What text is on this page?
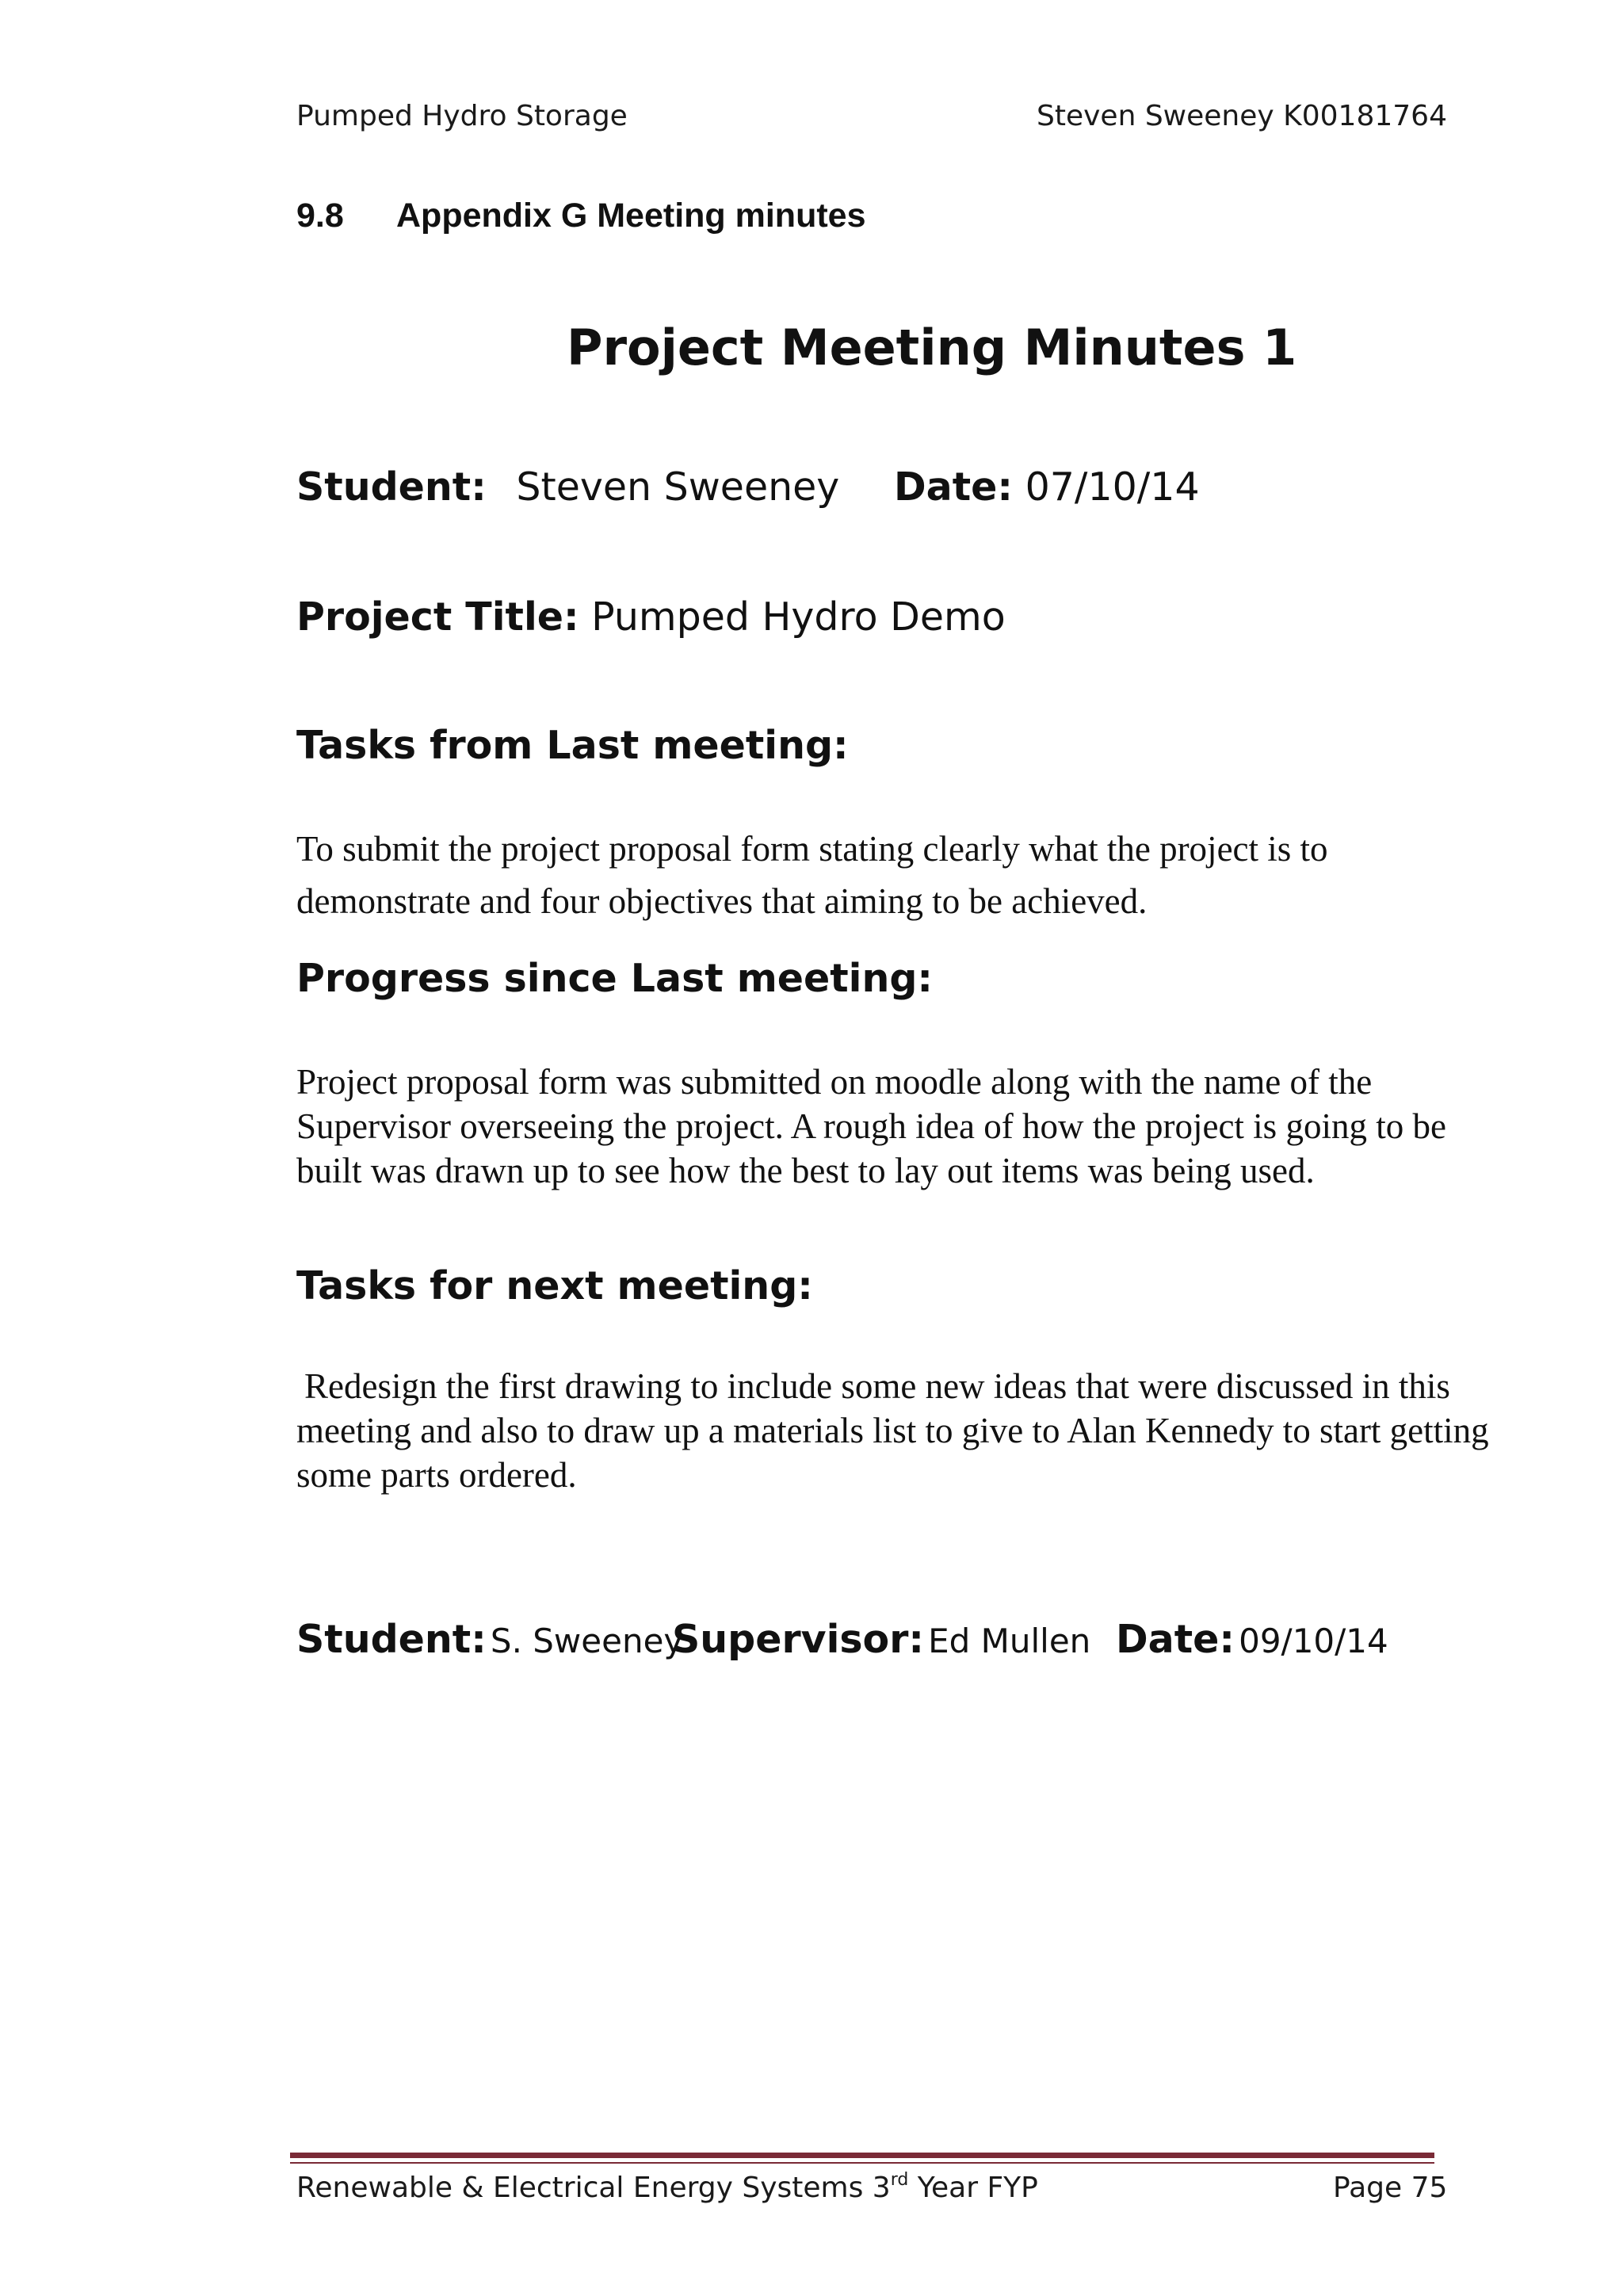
Pumped Hydro Storage	Steven Sweeney K00181764
9.8 Appendix G Meeting minutes
Project Meeting Minutes 1
Student: Steven Sweeney Date: 07/10/14
Project Title: Pumped Hydro Demo
Tasks from Last meeting:
To submit the project proposal form stating clearly what the project is to demonstrate and four objectives that aiming to be achieved.
Progress since Last meeting:
Project proposal form was submitted on moodle along with the name of the Supervisor overseeing the project. A rough idea of how the project is going to be built was drawn up to see how the best to lay out items was being used.
Tasks for next meeting:
Redesign the first drawing to include some new ideas that were discussed in this meeting and also to draw up a materials list to give to Alan Kennedy to start getting some parts ordered.
Student: S. Sweeney
Supervisor: Ed Mullen Date: 09/10/14
Renewable & Electrical Energy Systems 3rd Year FYP	Page 75
